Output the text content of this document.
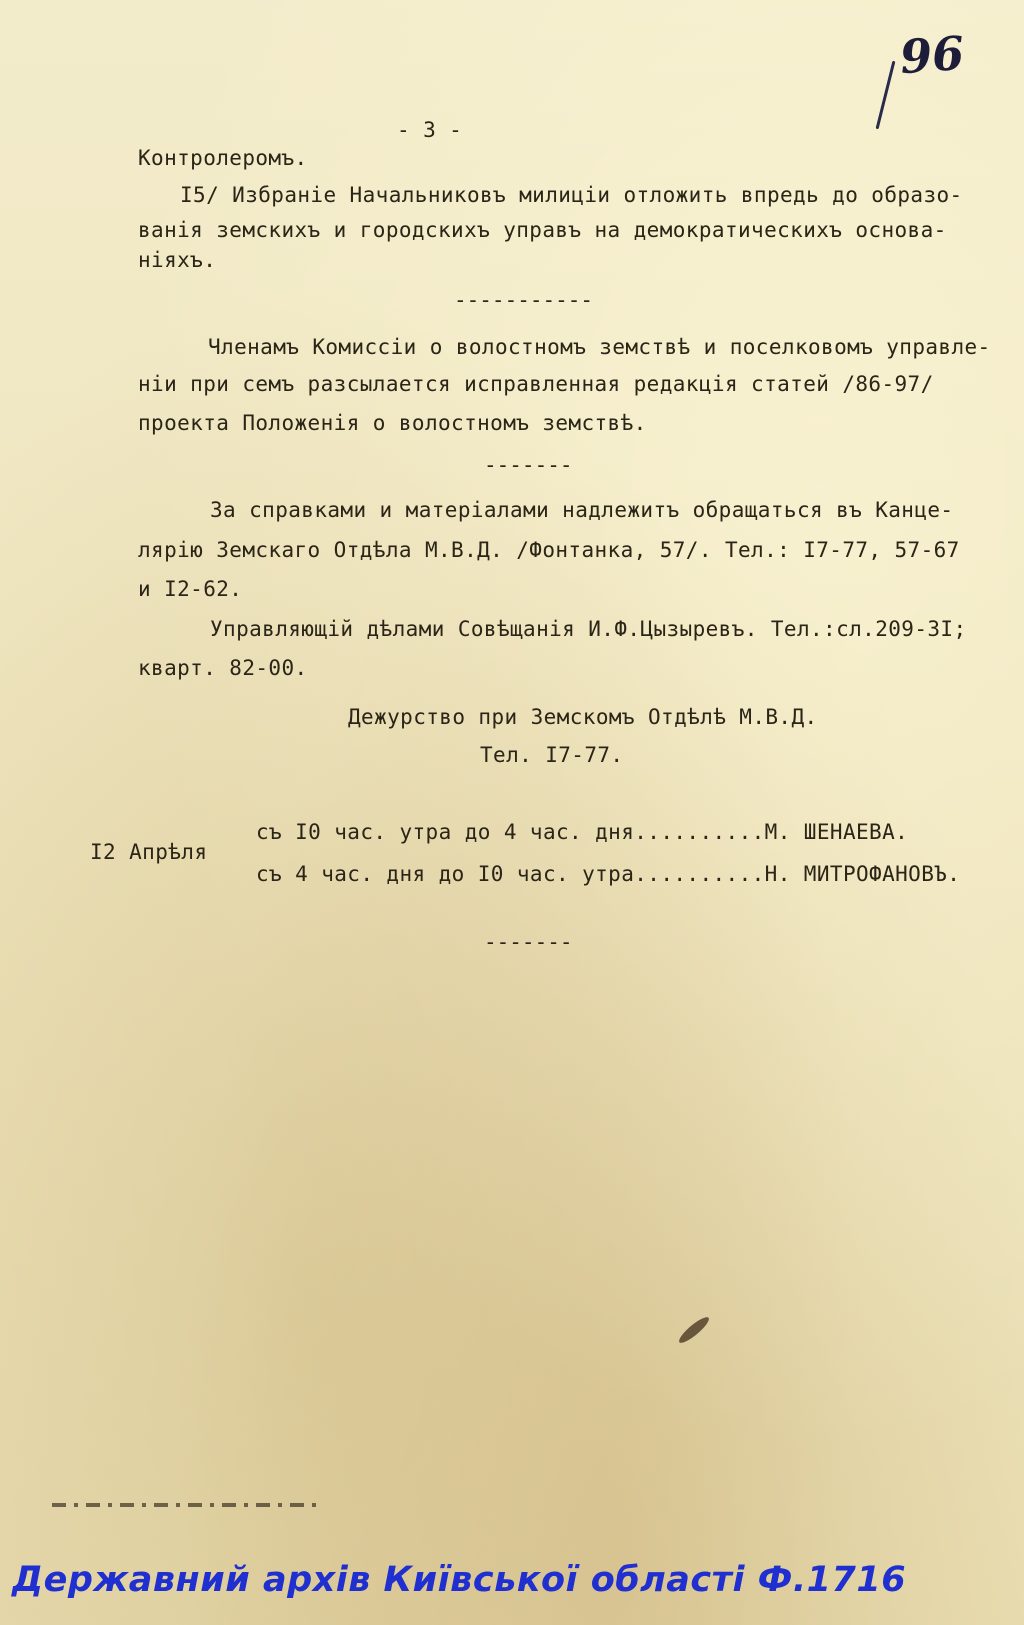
96
- 3 -
Контролеромъ.
I5/ Избраніе Начальниковъ милиціи отложить впредь до образо-
ванія земскихъ и городскихъ управъ на демократическихъ основа-
ніяхъ.
-----------
Членамъ Комиссіи о волостномъ земствѣ и поселковомъ управле-
ніи при семъ разсылается исправленная редакція статей /86-97/
проекта Положенія о волостномъ земствѣ.
-------
За справками и матеріалами надлежитъ обращаться въ Канце-
лярію Земскаго Отдѣла М.В.Д. /Фонтанка, 57/. Тел.: I7-77, 57-67
и I2-62.
Управляющій дѣлами Совѣщанія И.Ф.Цызыревъ. Тел.:сл.209-3I;
кварт. 82-00.
Дежурство при Земскомъ Отдѣлѣ М.В.Д.
Тел. I7-77.
I2 Апрѣля
съ I0 час. утра до 4 час. дня..........М. ШЕНАЕВА.
съ 4 час. дня до I0 час. утра..........Н. МИТРОФАНОВЪ.
-------
Державний архів Київської області Ф.1716
